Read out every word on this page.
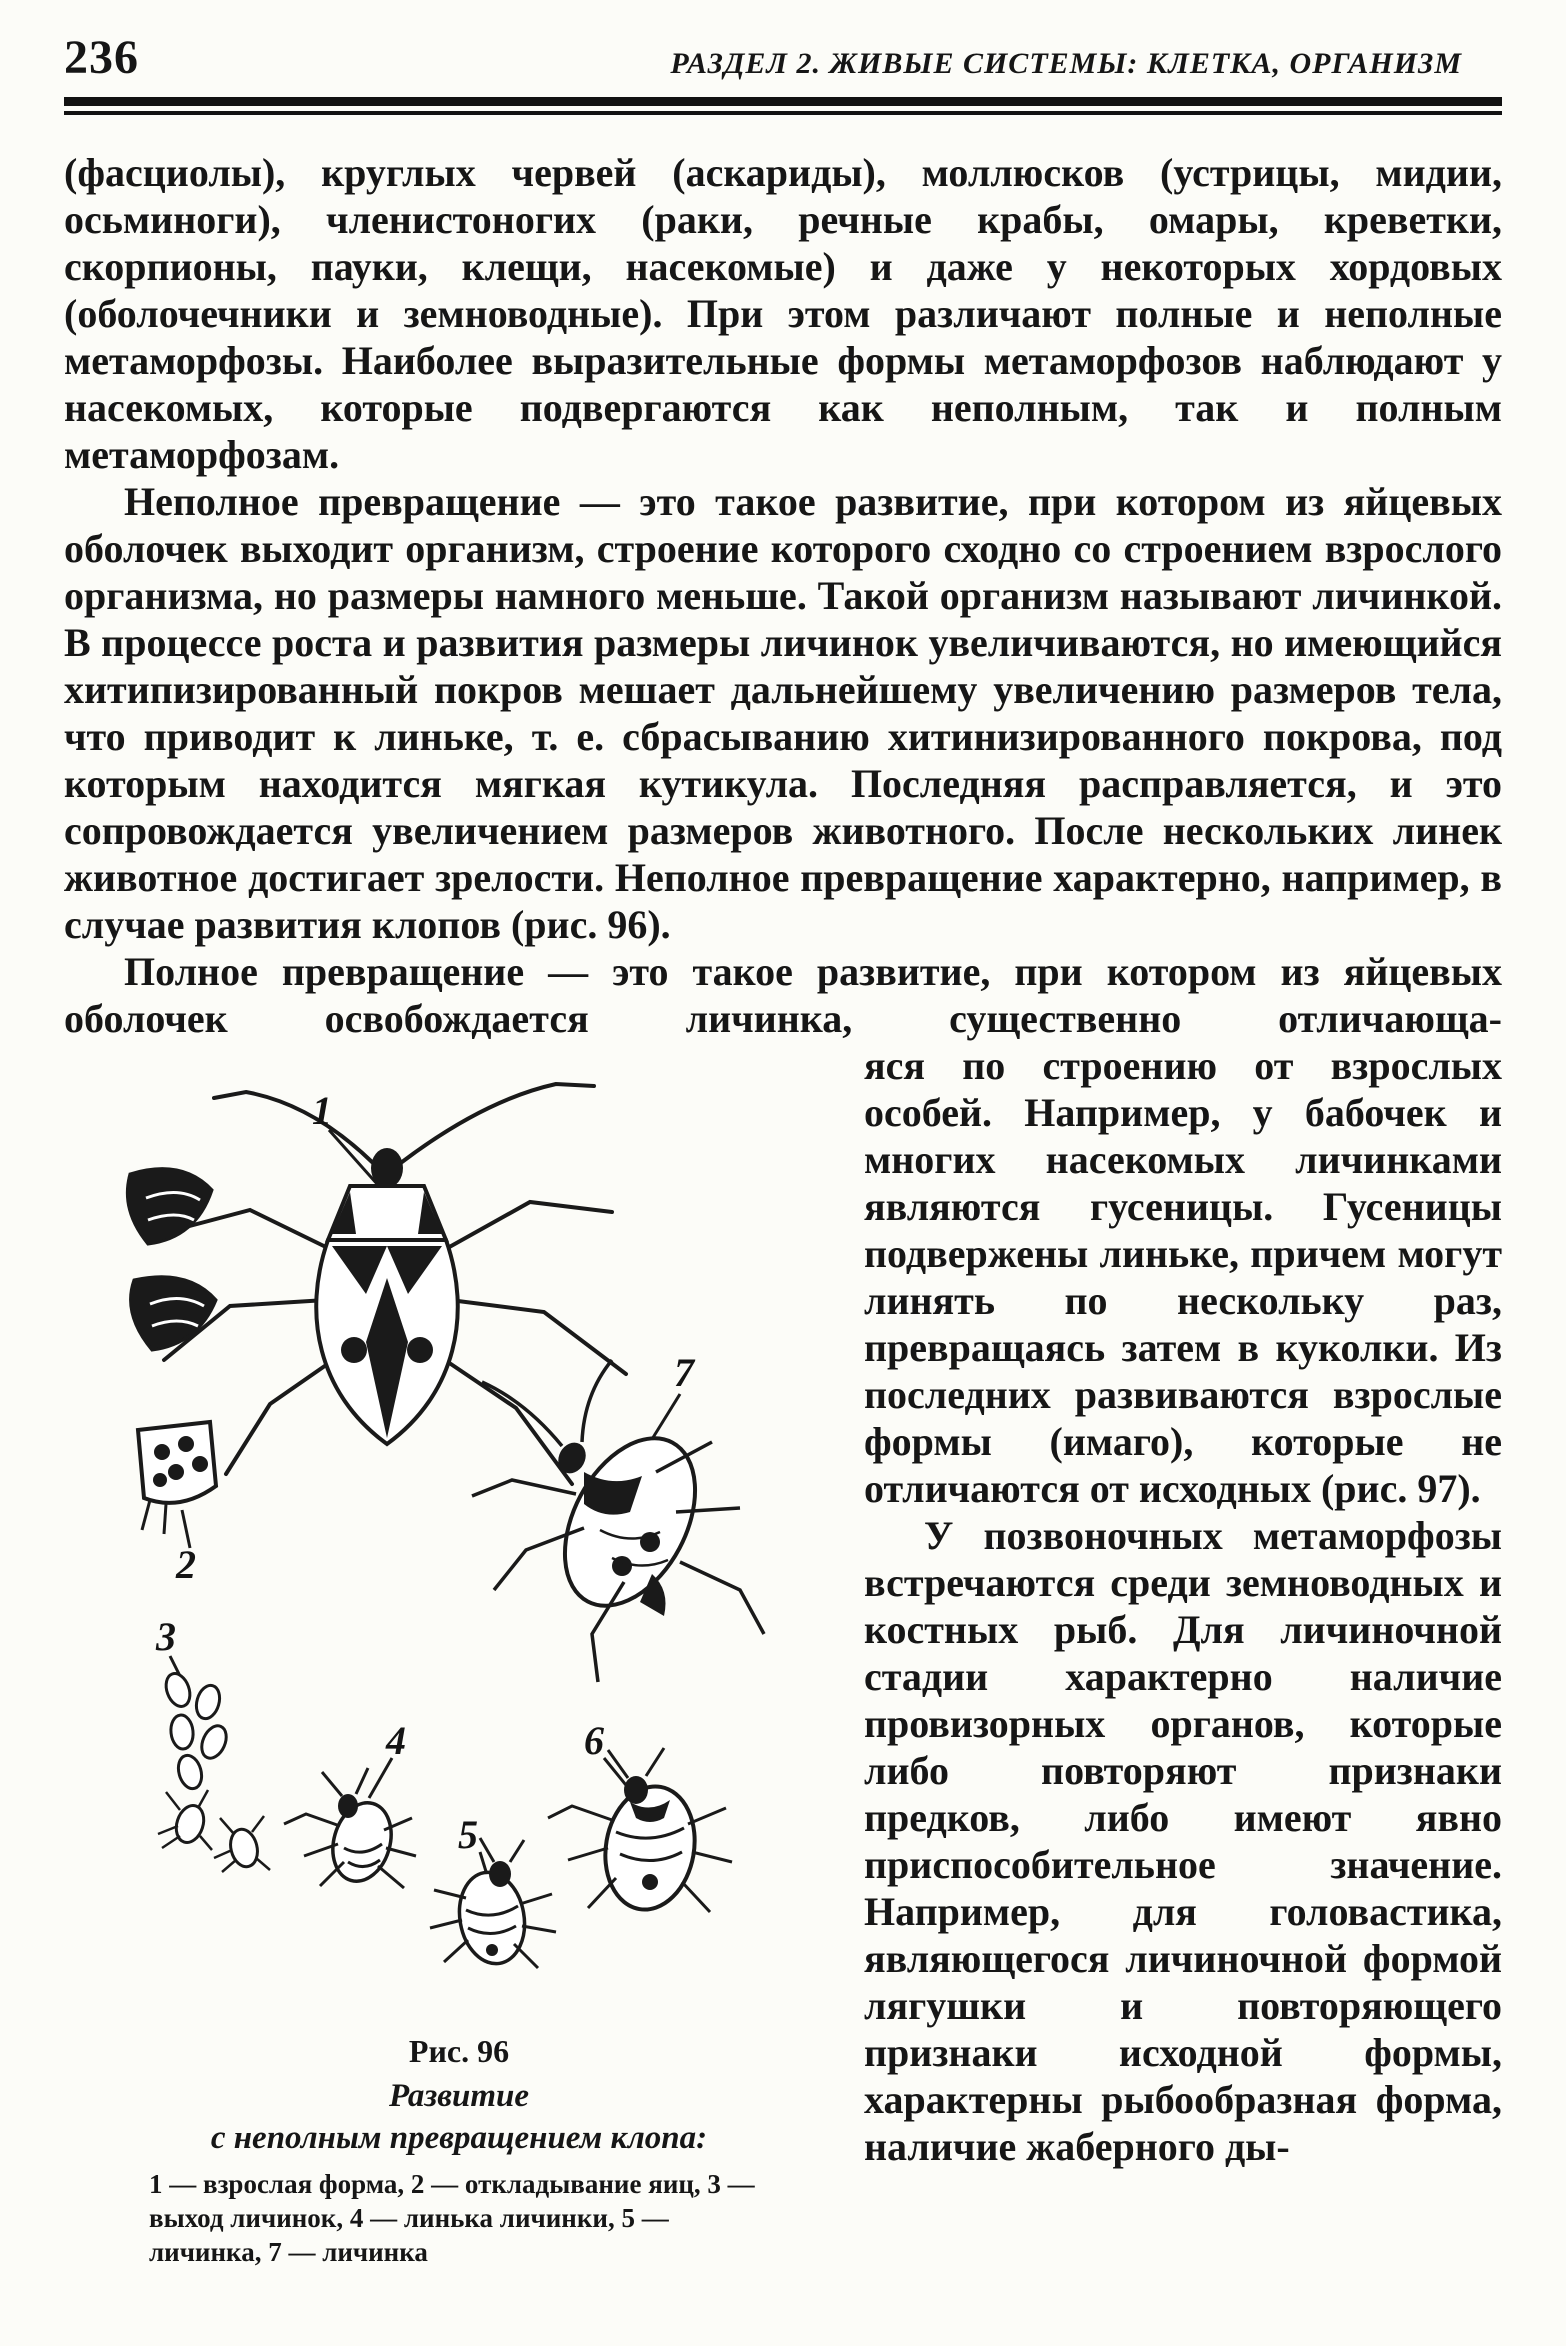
236	РАЗДЕЛ 2. ЖИВЫЕ СИСТЕМЫ: КЛЕТКА, ОРГАНИЗМ

(фасциолы), круглых червей (аскариды), моллюсков (устрицы, мидии, осьминоги), членистоногих (раки, речные крабы, омары, креветки, скорпионы, пауки, клещи, насекомые) и даже у некоторых хордовых (оболочечники и земноводные). При этом различают полные и неполные метаморфозы. Наиболее выразительные формы метаморфозов наблюдают у насекомых, которые подвергаются как неполным, так и полным метаморфозам.

Неполное превращение — это такое развитие, при котором из яйцевых оболочек выходит организм, строение которого сходно со строением взрослого организма, но размеры намного меньше. Такой организм называют личинкой. В процессе роста и развития размеры личинок увеличиваются, но имеющийся хитипизированный покров мешает дальнейшему увеличению размеров тела, что приводит к линьке, т. е. сбрасыванию хитинизированного покрова, под которым находится мягкая кутикула. Последняя расправляется, и это сопровождается увеличением размеров животного. После нескольких линек животное достигает зрелости. Неполное превращение характерно, например, в случае развития клопов (рис. 96).

Полное превращение — это такое развитие, при котором из яйцевых оболочек освобождается личинка, существенно отличающа-

1
2
3
4
5
6
7
Рис. 96
Развитие
с неполным превращением клопа:
1 — взрослая форма, 2 — откладывание яиц, 3 — выход личинок, 4 — линька личинки, 5 — личинка, 7 — личинка

яся по строению от взрослых особей. Например, у бабочек и многих насекомых личинками являются гусеницы. Гусеницы подвержены линьке, причем могут линять по нескольку раз, превращаясь затем в куколки. Из последних развиваются взрослые формы (имаго), которые не отличаются от исходных (рис. 97).

У позвоночных метаморфозы встречаются среди земноводных и костных рыб. Для личиночной стадии характерно наличие провизорных органов, которые либо повторяют признаки предков, либо имеют явно приспособительное значение. Например, для головастика, являющегося личиночной формой лягушки и повторяющего признаки исходной формы, характерны рыбообразная форма, наличие жаберного ды-
